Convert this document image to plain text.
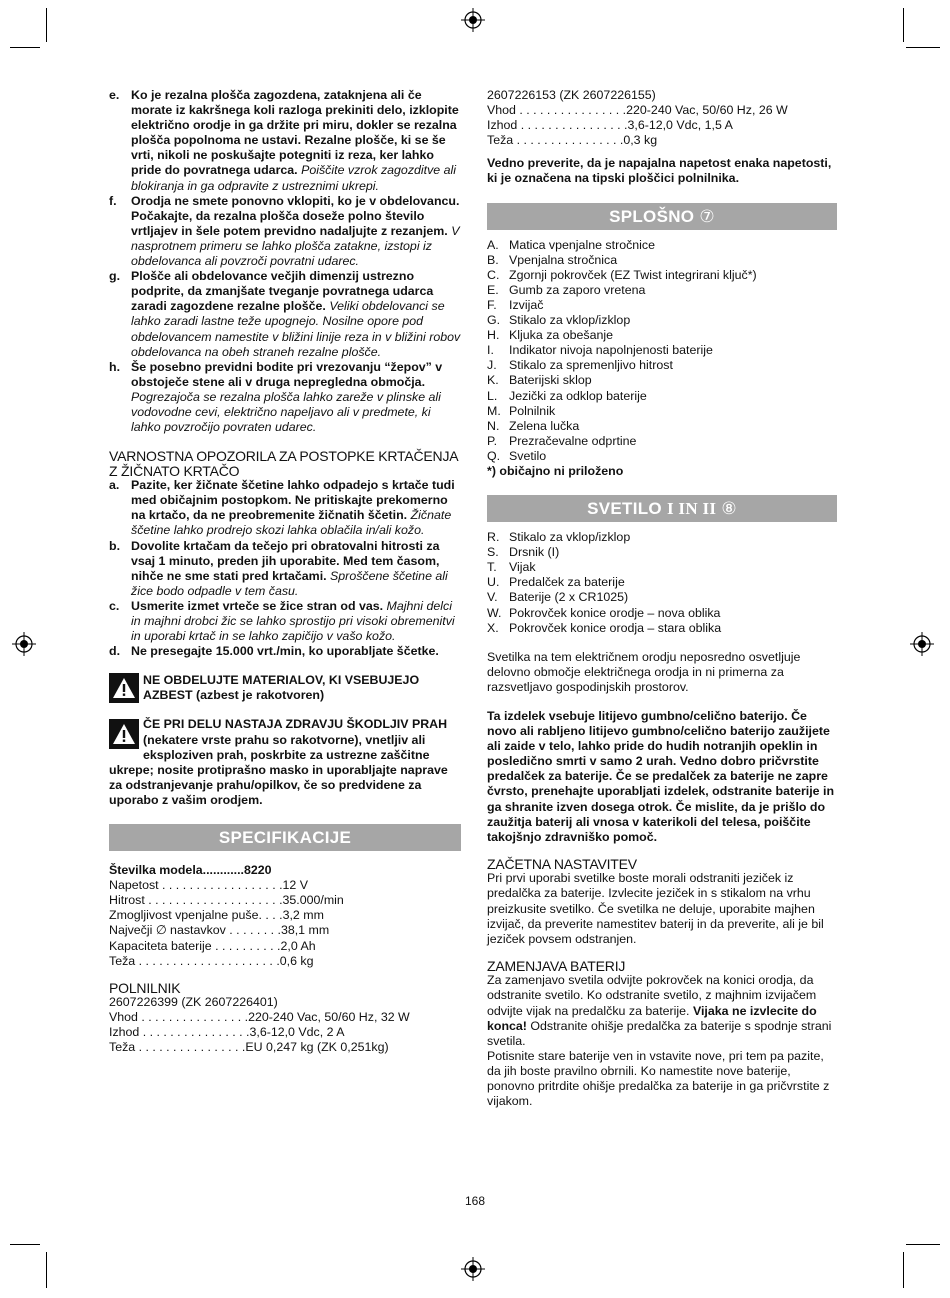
e. Ko je rezalna plošča zagozdena, zataknjena ali če morate iz kakršnega koli razloga prekiniti delo, izklopite električno orodje in ga držite pri miru, dokler se rezalna plošča popolnoma ne ustavi. Rezalne plošče, ki se še vrti, nikoli ne poskušajte potegniti iz reza, ker lahko pride do povratnega udarca. Poiščite vzrok zagozditve ali blokiranja in ga odpravite z ustreznimi ukrepi.
f.	Orodja ne smete ponovno vklopiti, ko je v obdelovancu. Počakajte, da rezalna plošča doseže polno število vrtljajev in šele potem previdno nadaljujte z rezanjem. V nasprotnem primeru se lahko plošča zatakne, izstopi iz obdelovanca ali povzroči povratni udarec.
g. Plošče ali obdelovance večjih dimenzij ustrezno podprite, da zmanjšate tveganje povratnega udarca zaradi zagozdene rezalne plošče. Veliki obdelovanci se lahko zaradi lastne teže upognejo. Nosilne opore pod obdelovancem namestite v bližini linije reza in v bližini robov obdelovanca na obeh straneh rezalne plošče.
h. Še posebno previdni bodite pri vrezovanju “žepov” v obstoječe stene ali v druga nepregledna območja. Pogrezajoča se rezalna plošča lahko zareže v plinske ali vodovodne cevi, električno napeljavo ali v predmete, ki lahko povzročijo povraten udarec.
VARNOSTNA OPOZORILA ZA POSTOPKE KRTAČENJA Z ŽIČNATO KRTAČO
a. Pazite, ker žičnate ščetine lahko odpadejo s krtače tudi med običajnim postopkom. Ne pritiskajte prekomerno na krtačo, da ne preobremenite žičnatih ščetin. Žičnate ščetine lahko prodrejo skozi lahka oblačila in/ali kožo.
b. Dovolite krtačam da tečejo pri obratovalni hitrosti za vsaj 1 minuto, preden jih uporabite. Med tem časom, nihče ne sme stati pred krtačami. Sproščene ščetine ali žice bodo odpadle v tem času.
c. Usmerite izmet vrteče se žice stran od vas. Majhni delci in majhni drobci žic se lahko sprostijo pri visoki obremenitvi in uporabi krtač in se lahko zapičijo v vašo kožo.
d. Ne presegajte 15.000 vrt./min, ko uporabljate ščetke.
NE OBDELUJTE MATERIALOV, KI VSEBUJEJO AZBEST (azbest je rakotvoren)
ČE PRI DELU NASTAJA ZDRAVJU ŠKODLJIV PRAH (nekatere vrste prahu so rakotvorne), vnetljiv ali eksploziven prah, poskrbite za ustrezne zaščitne ukrepe; nosite protiprašno masko in uporabljajte naprave za odstranjevanje prahu/opilkov, če so predvidene za uporabo z vašim orodjem.
SPECIFIKACIJE
Številka modela ............ 8220
Napetost . . . . . . . . . . . . . . . . . . 12 V
Hitrost . . . . . . . . . . . . . . . . . . . . 35.000/min
Zmogljivost vpenjalne puše . . . . 3,2 mm
Največji ∅ nastavkov . . . . . . . . 38,1 mm
Kapaciteta baterije . . . . . . . . . . 2,0 Ah
Teža . . . . . . . . . . . . . . . . . . . . . 0,6 kg
POLNILNIK
2607226399 (ZK 2607226401)
Vhod . . . . . . . . . . . . . . . . 220-240 Vac, 50/60 Hz, 32 W
Izhod . . . . . . . . . . . . . . . . 3,6-12,0 Vdc, 2 A
Teža . . . . . . . . . . . . . . . . EU 0,247 kg (ZK 0,251kg)
2607226153 (ZK 2607226155)
Vhod . . . . . . . . . . . . . . . . 220-240 Vac, 50/60 Hz, 26 W
Izhod . . . . . . . . . . . . . . . . 3,6-12,0 Vdc, 1,5 A
Teža . . . . . . . . . . . . . . . . 0,3 kg
Vedno preverite, da je napajalna napetost enaka napetosti, ki je označena na tipski ploščici polnilnika.
SPLOŠNO ⑦
A. Matica vpenjalne stročnice
B. Vpenjalna stročnica
C. Zgornji pokrovček (EZ Twist integrirani ključ*)
E. Gumb za zaporo vretena
F. Izvijač
G. Stikalo za vklop/izklop
H. Kljuka za obešanje
I.	Indikator nivoja napolnjenosti baterije
J. Stikalo za spremenljivo hitrost
K. Baterijski sklop
L. Jezički za odklop baterije
M. Polnilnik
N. Zelena lučka
P. Prezračevalne odprtine
Q. Svetilo
*) običajno ni priloženo
SVETILO I IN II ⑧
R. Stikalo za vklop/izklop
S. Drsnik (I)
T. Vijak
U. Predalček za baterije
V. Baterije (2 x CR1025)
W. Pokrovček konice orodje – nova oblika
X. Pokrovček konice orodja – stara oblika
Svetilka na tem električnem orodju neposredno osvetljuje delovno območje električnega orodja in ni primerna za razsvetljavo gospodinjskih prostorov.
Ta izdelek vsebuje litijevo gumbno/celično baterijo. Če novo ali rabljeno litijevo gumbno/celično baterijo zaužijete ali zaide v telo, lahko pride do hudih notranjih opeklin in posledično smrti v samo 2 urah. Vedno dobro pričvrstite predalček za baterije. Če se predalček za baterije ne zapre čvrsto, prenehajte uporabljati izdelek, odstranite baterije in ga shranite izven dosega otrok. Če mislite, da je prišlo do zaužitja baterij ali vnosa v katerikoli del telesa, poiščite takojšnjo zdravniško pomoč.
ZAČETNA NASTAVITEV
Pri prvi uporabi svetilke boste morali odstraniti jeziček iz predalčka za baterije. Izvlecite jeziček in s stikalom na vrhu preizkusite svetilko. Če svetilka ne deluje, uporabite majhen izvijač, da preverite namestitev baterij in da preverite, ali je bil jeziček povsem odstranjen.
ZAMENJAVA BATERIJ
Za zamenjavo svetila odvijte pokrovček na konici orodja, da odstranite svetilo. Ko odstranite svetilo, z majhnim izvijačem odvijte vijak na predalčku za baterije. Vijaka ne izvlecite do konca! Odstranite ohišje predalčka za baterije s spodnje strani svetila.
Potisnite stare baterije ven in vstavite nove, pri tem pa pazite, da jih boste pravilno obrnili. Ko namestite nove baterije, ponovno pritrdite ohišje predalčka za baterije in ga pričvrstite z vijakom.
168
